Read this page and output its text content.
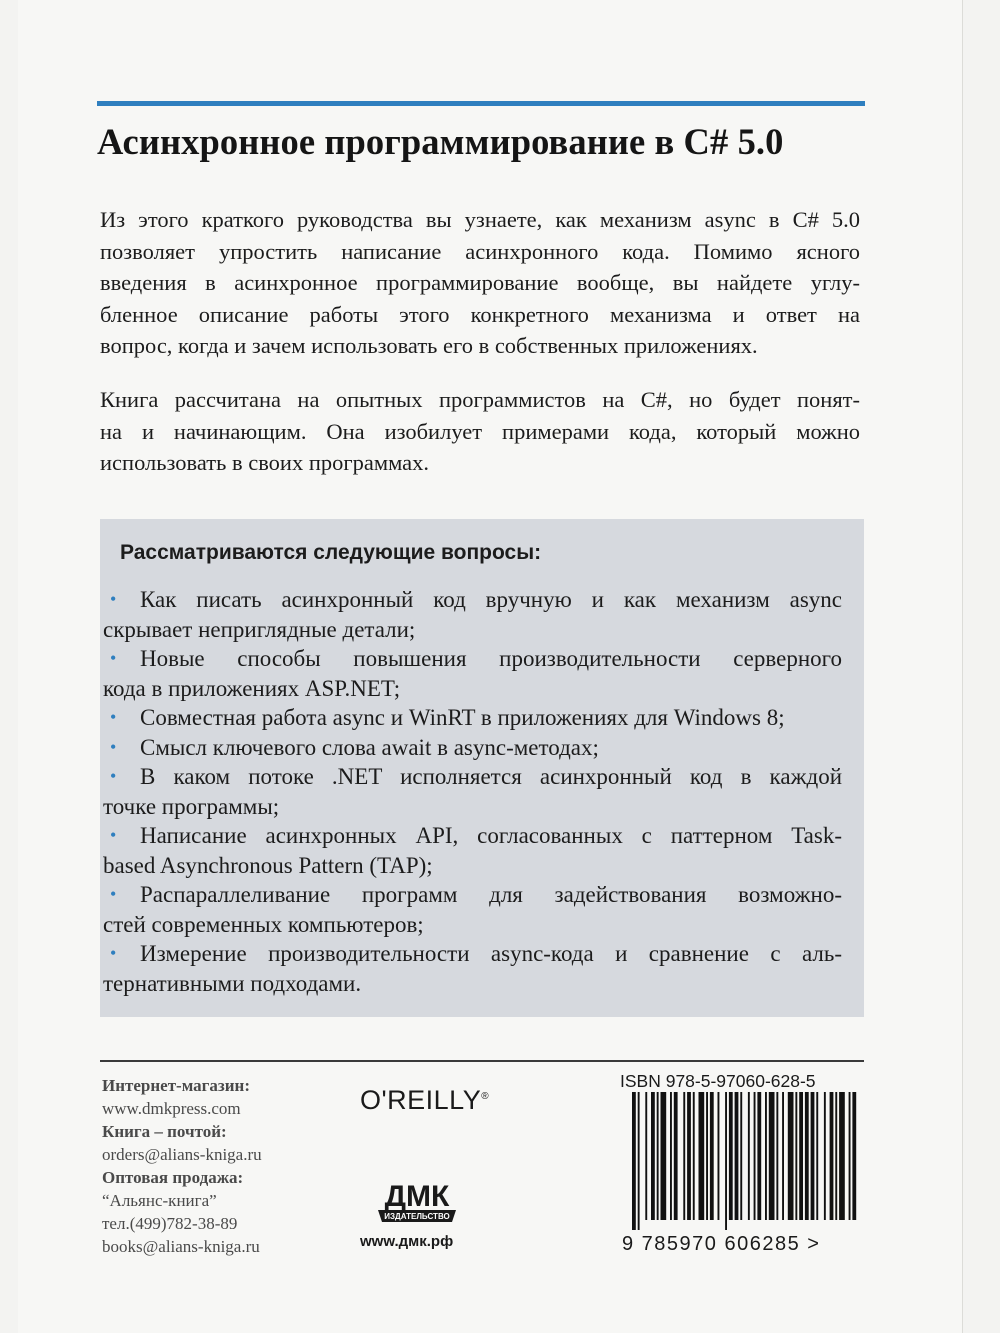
Асинхронное программирование в C# 5.0

Из этого краткого руководства вы узнаете, как механизм async в C# 5.0
позволяет упростить написание асинхронного кода. Помимо ясного
введения в асинхронное программирование вообще, вы найдете углу-
бленное описание работы этого конкретного механизма и ответ на
вопрос, когда и зачем использовать его в собственных приложениях.

Книга рассчитана на опытных программистов на C#, но будет понят-
на и начинающим. Она изобилует примерами кода, который можно
использовать в своих программах.

Рассматриваются следующие вопросы:
• Как писать асинхронный код вручную и как механизм async
скрывает неприглядные детали;
• Новые способы повышения производительности серверного
кода в приложениях ASP.NET;
• Совместная работа async и WinRT в приложениях для Windows 8;
• Смысл ключевого слова await в async-методах;
• В каком потоке .NET исполняется асинхронный код в каждой
точке программы;
• Написание асинхронных API, согласованных с паттерном Task-
based Asynchronous Pattern (TAP);
• Распараллеливание программ для задействования возможно-
стей современных компьютеров;
• Измерение производительности async-кода и сравнение с аль-
тернативными подходами.
Интернет-магазин:
www.dmkpress.com
Книга – почтой:
orders@alians-kniga.ru
Оптовая продажа:
“Альянс-книга”
тел.(499)782-38-89
books@alians-kniga.ru
O'REILLY®
ДМК
ИЗДАТЕЛЬСТВО
www.дмк.рф
ISBN 978-5-97060-628-5
9 785970 606285 >
